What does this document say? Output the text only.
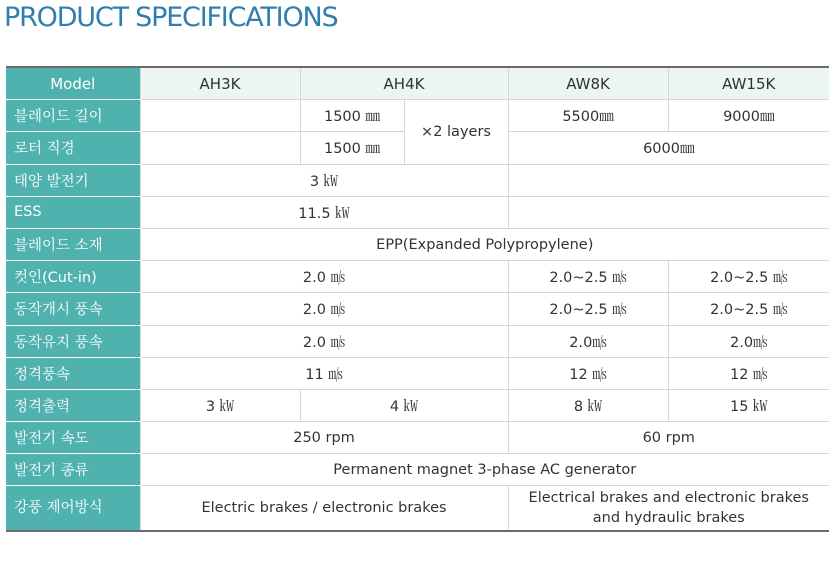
PRODUCT SPECIFICATIONS
Model	AH3K	AH4K		AW8K	AW15K
블레이드 길이		1500 ㎜	×2 layers	5500㎜	9000㎜
로터 직경		1500 ㎜		6000㎜	
태양 발전기	3 ㎾				
ESS	11.5 ㎾				
블레이드 소재	EPP(Expanded Polypropylene)				
컷인(Cut-in)	2.0 ㎧			2.0~2.5 ㎧	2.0~2.5 ㎧
동작개시 풍속	2.0 ㎧			2.0~2.5 ㎧	2.0~2.5 ㎧
동작유지 풍속	2.0 ㎧			2.0㎧	2.0㎧
정격풍속	11 ㎧			12 ㎧	12 ㎧
정격출력	3 ㎾	4 ㎾		8 ㎾	15 ㎾
발전기 속도	250 rpm			60 rpm	
발전기 종류	Permanent magnet 3-phase AC generator				
강풍 제어방식	Electric brakes / electronic brakes			Electrical brakes and electronic brakes
and hydraulic brakes	
